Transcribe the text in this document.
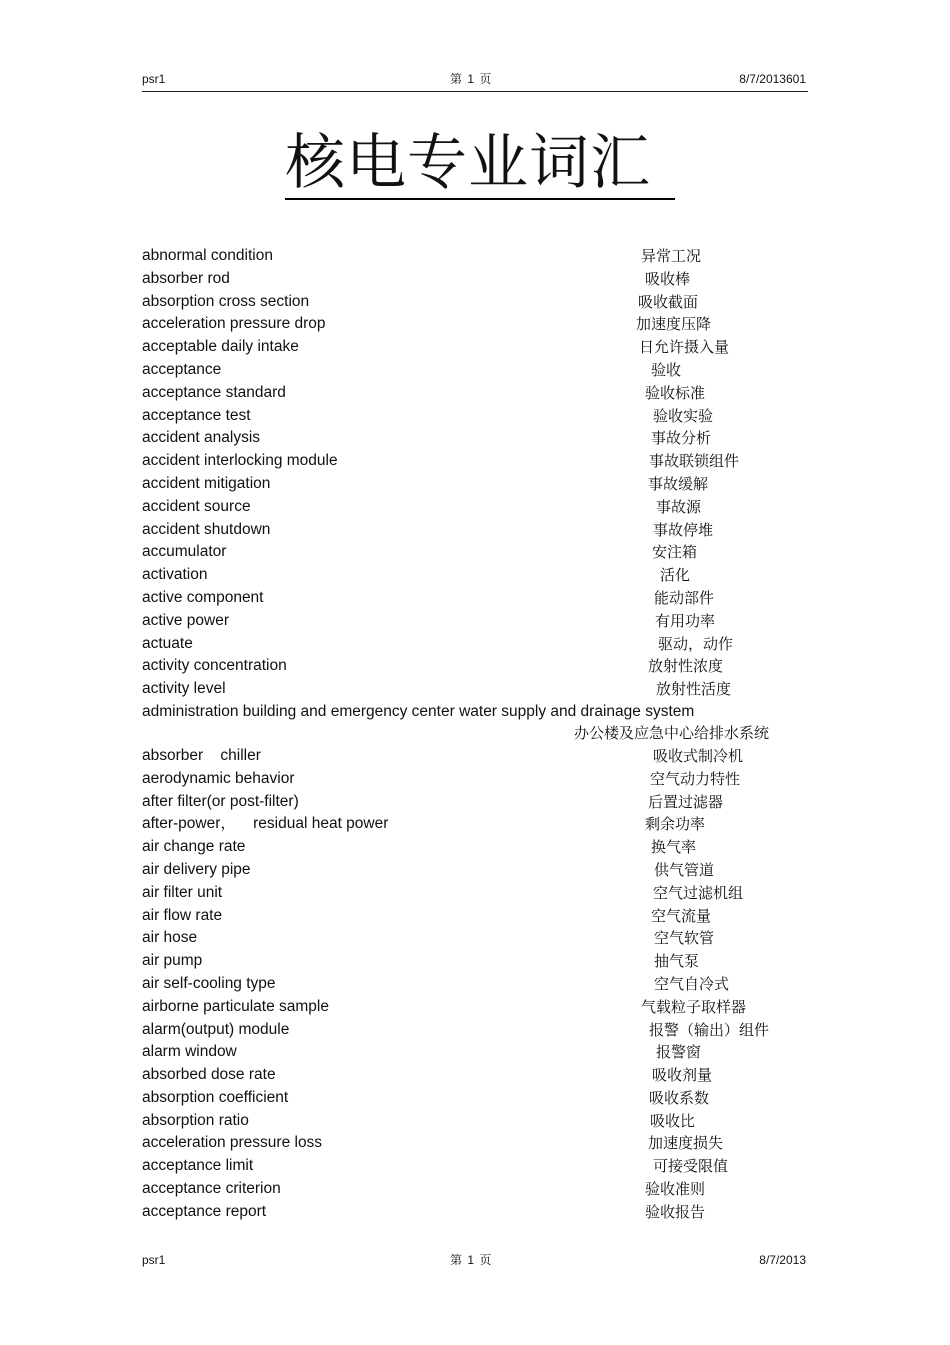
psr1	第 1 页	8/7/2013601
核电专业词汇
abnormal condition	异常工况
absorber rod	吸收棒
absorption cross section	吸收截面
acceleration pressure drop	加速度压降
acceptable daily intake	日允许摄入量
acceptance	验收
acceptance standard	验收标准
acceptance test	验收实验
accident analysis	事故分析
accident interlocking module	事故联锁组件
accident mitigation	事故缓解
accident source	事故源
accident shutdown	事故停堆
accumulator	安注箱
activation	活化
active component	能动部件
active power	有用功率
actuate	驱动，动作
activity concentration	放射性浓度
activity level	放射性活度
administration building and emergency center water supply and drainage system
办公楼及应急中心给排水系统
absorber    chiller	吸收式制冷机
aerodynamic behavior	空气动力特性
after filter(or post-filter)	后置过滤器
after-power，    residual heat power	剩余功率
air change rate	换气率
air delivery pipe	供气管道
air filter unit	空气过滤机组
air flow rate	空气流量
air hose	空气软管
air pump	抽气泵
air self-cooling type	空气自冷式
airborne particulate sample	气载粒子取样器
alarm(output) module	报警（输出）组件
alarm window	报警窗
absorbed dose rate	吸收剂量
absorption coefficient	吸收系数
absorption ratio	吸收比
acceleration pressure loss	加速度损失
acceptance limit	可接受限值
acceptance criterion	验收准则
acceptance report	验收报告
psr1	第 1 页	8/7/2013
